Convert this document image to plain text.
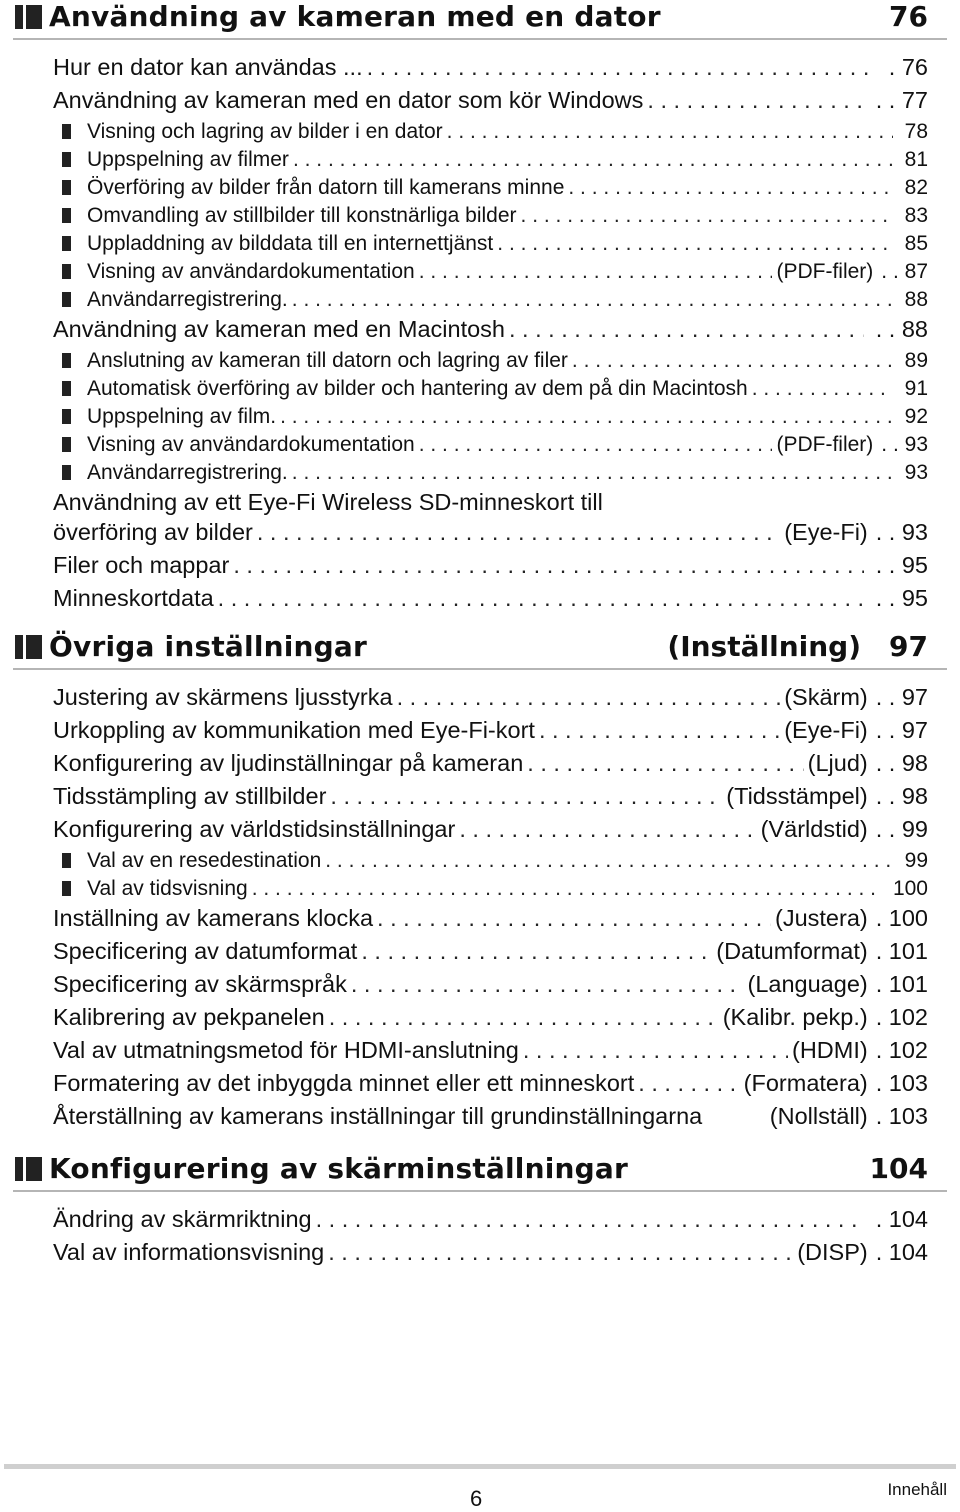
Användning av kameran med en dator	76
Hur en dator kan användas ... . . .	. 76
Användning av kameran med en dator som kör Windows . . .	. . 77
Visning och lagring av bilder i en dator . . .	78
Uppspelning av filmer . . .	81
Överföring av bilder från datorn till kamerans minne . . .	82
Omvandling av stillbilder till konstnärliga bilder . . .	83
Uppladdning av bilddata till en internettjänst . . .	85
Visning av användardokumentation . . .	(PDF-filer) . . 87
Användarregistrering. . . .	88
Användning av kameran med en Macintosh . . .	. . 88
Anslutning av kameran till datorn och lagring av filer . . .	89
Automatisk överföring av bilder och hantering av dem på din Macintosh . . .	91
Uppspelning av film. . . .	92
Visning av användardokumentation . . .	(PDF-filer) . . 93
Användarregistrering. . . .	93
Användning av ett Eye-Fi Wireless SD-minneskort till
överföring av bilder . . .	(Eye-Fi) . . 93
Filer och mappar . . .	. . 95
Minneskortdata . . .	. . 95
Övriga inställningar	(Inställning) 97
Justering av skärmens ljusstyrka . . .	(Skärm) . . 97
Urkoppling av kommunikation med Eye-Fi-kort . . .	(Eye-Fi) . . 97
Konfigurering av ljudinställningar på kameran . . .	(Ljud) . . 98
Tidsstämpling av stillbilder . . .	(Tidsstämpel) . . 98
Konfigurering av världstidsinställningar . . .	(Världstid) . . 99
Val av en resedestination . . .	99
Val av tidsvisning . . .	100
Inställning av kamerans klocka . . .	(Justera) . 100
Specificering av datumformat . . .	(Datumformat) . 101
Specificering av skärmspråk . . .	(Language) . 101
Kalibrering av pekpanelen . . .	(Kalibr. pekp.) . 102
Val av utmatningsmetod för HDMI-anslutning . . .	(HDMI) . 102
Formatering av det inbyggda minnet eller ett minneskort . . .	(Formatera) . 103
Återställning av kamerans inställningar till grundinställningarna	(Nollställ) . 103
Konfigurering av skärminställningar	104
Ändring av skärmriktning . . .	. 104
Val av informationsvisning . . .	(DISP) . 104
6	Innehåll
